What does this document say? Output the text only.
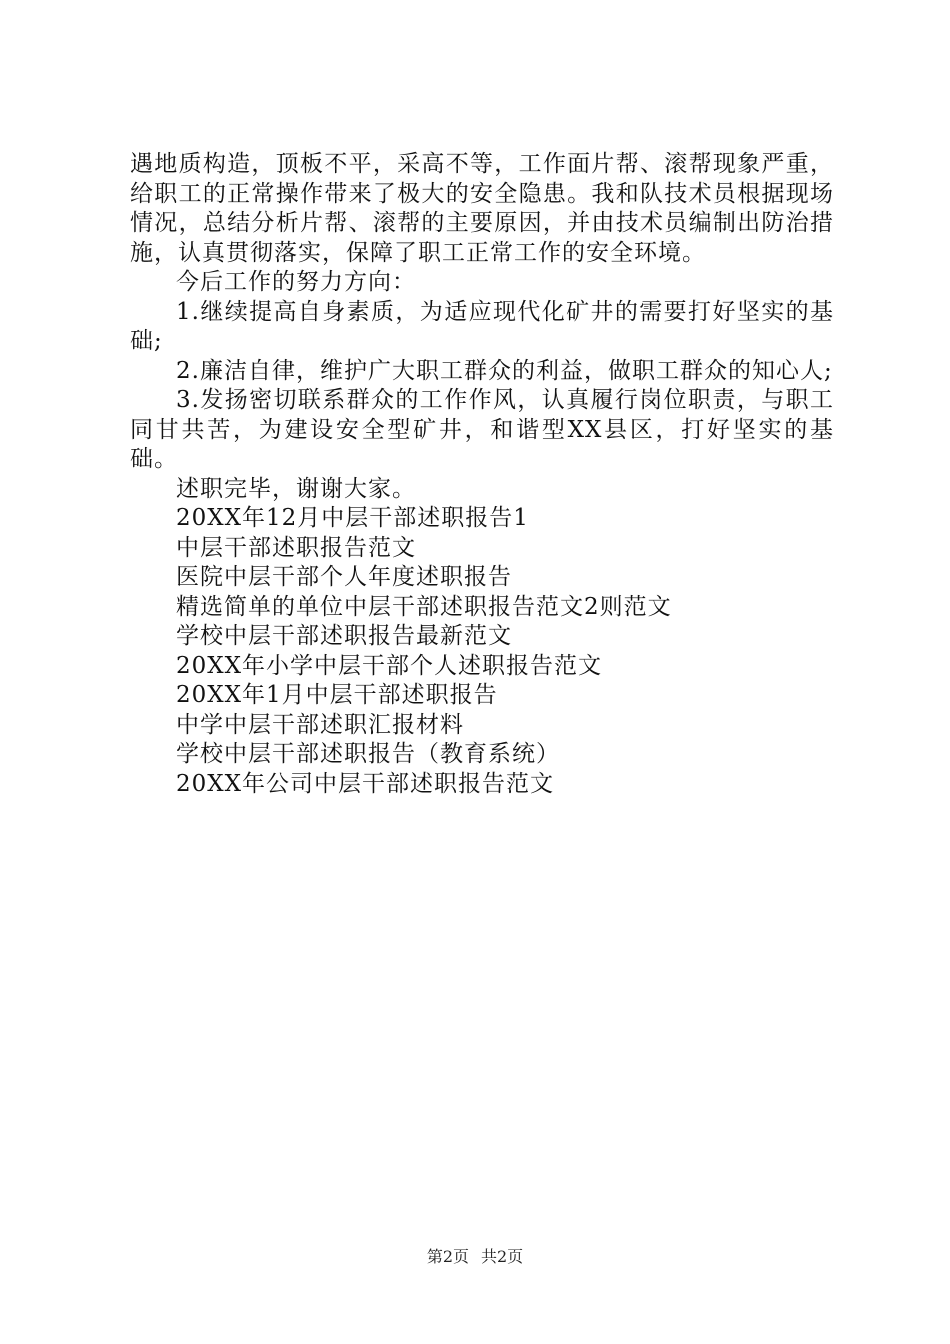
遇地质构造，顶板不平，采高不等，工作面片帮、滚帮现象严重，给职工的正常操作带来了极大的安全隐患。我和队技术员根据现场情况，总结分析片帮、滚帮的主要原因，并由技术员编制出防治措施，认真贯彻落实，保障了职工正常工作的安全环境。

今后工作的努力方向：

1.继续提高自身素质，为适应现代化矿井的需要打好坚实的基础;

2.廉洁自律，维护广大职工群众的利益，做职工群众的知心人;

3.发扬密切联系群众的工作作风，认真履行岗位职责，与职工同甘共苦，为建设安全型矿井，和谐型XX县区，打好坚实的基础。

述职完毕，谢谢大家。

20XX年12月中层干部述职报告1
中层干部述职报告范文
医院中层干部个人年度述职报告
精选简单的单位中层干部述职报告范文2则范文
学校中层干部述职报告最新范文
20XX年小学中层干部个人述职报告范文
20XX年1月中层干部述职报告
中学中层干部述职汇报材料
学校中层干部述职报告（教育系统）
20XX年公司中层干部述职报告范文
第2页 共2页
